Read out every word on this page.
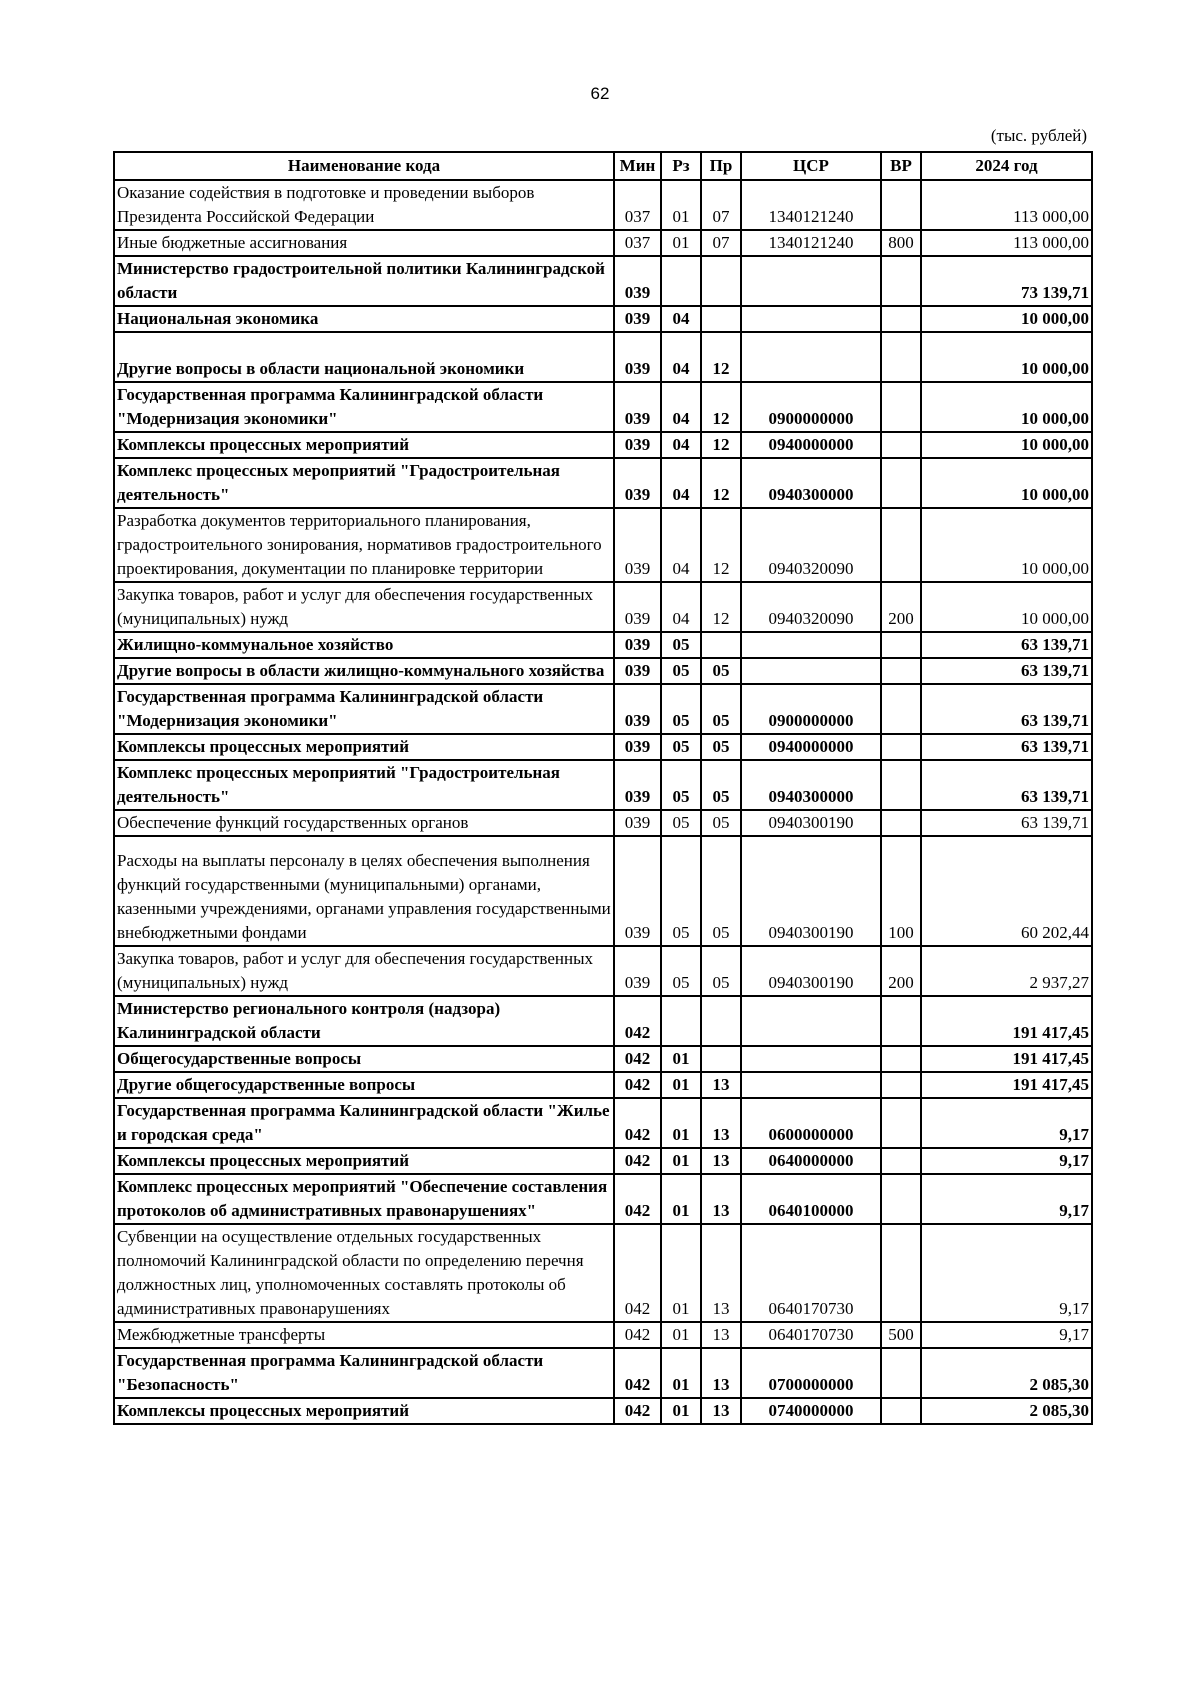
62
(тыс. рублей)
Наименование кода	Мин	Рз	Пр	ЦСР	ВР	2024 год
Оказание содействия в подготовке и проведении выборов Президента Российской Федерации	037	01	07	1340121240		113 000,00
Иные бюджетные ассигнования	037	01	07	1340121240	800	113 000,00
Министерство градостроительной политики Калининградской области	039					73 139,71
Национальная экономика	039	04				10 000,00
Другие вопросы в области национальной экономики	039	04	12			10 000,00
Государственная программа Калининградской области "Модернизация экономики"	039	04	12	0900000000		10 000,00
Комплексы процессных мероприятий	039	04	12	0940000000		10 000,00
Комплекс процессных мероприятий "Градостроительная деятельность"	039	04	12	0940300000		10 000,00
Разработка документов территориального планирования, градостроительного зонирования, нормативов градостроительного проектирования, документации по планировке территории	039	04	12	0940320090		10 000,00
Закупка товаров, работ и услуг для обеспечения государственных (муниципальных) нужд	039	04	12	0940320090	200	10 000,00
Жилищно-коммунальное хозяйство	039	05				63 139,71
Другие вопросы в области жилищно-коммунального хозяйства	039	05	05			63 139,71
Государственная программа Калининградской области "Модернизация экономики"	039	05	05	0900000000		63 139,71
Комплексы процессных мероприятий	039	05	05	0940000000		63 139,71
Комплекс процессных мероприятий "Градостроительная деятельность"	039	05	05	0940300000		63 139,71
Обеспечение функций государственных органов	039	05	05	0940300190		63 139,71
Расходы на выплаты персоналу в целях обеспечения выполнения функций государственными (муниципальными) органами, казенными учреждениями, органами управления государственными внебюджетными фондами	039	05	05	0940300190	100	60 202,44
Закупка товаров, работ и услуг для обеспечения государственных (муниципальных) нужд	039	05	05	0940300190	200	2 937,27
Министерство регионального контроля (надзора) Калининградской области	042					191 417,45
Общегосударственные вопросы	042	01				191 417,45
Другие общегосударственные вопросы	042	01	13			191 417,45
Государственная программа Калининградской области "Жилье и городская среда"	042	01	13	0600000000		9,17
Комплексы процессных мероприятий	042	01	13	0640000000		9,17
Комплекс процессных мероприятий "Обеспечение составления протоколов об административных правонарушениях"	042	01	13	0640100000		9,17
Субвенции на осуществление отдельных государственных полномочий Калининградской области по определению перечня должностных лиц, уполномоченных составлять протоколы об административных правонарушениях	042	01	13	0640170730		9,17
Межбюджетные трансферты	042	01	13	0640170730	500	9,17
Государственная программа Калининградской области "Безопасность"	042	01	13	0700000000		2 085,30
Комплексы процессных мероприятий	042	01	13	0740000000		2 085,30
